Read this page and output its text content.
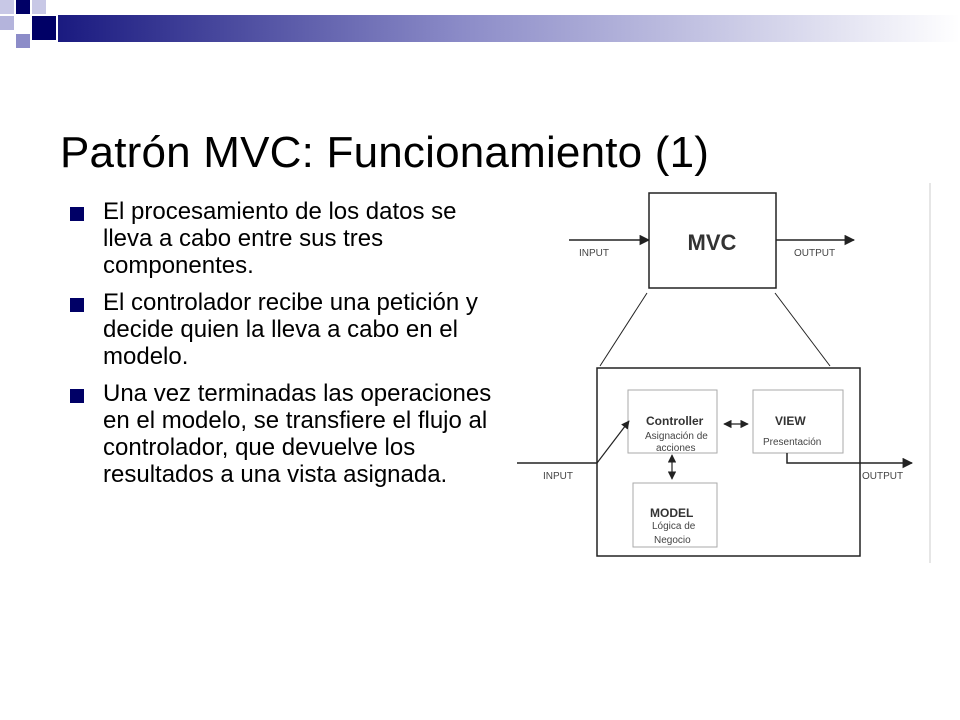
Patrón MVC: Funcionamiento (1)
El procesamiento de los datos se lleva a cabo entre sus tres componentes.
El controlador recibe una petición y decide quien la lleva a cabo en el modelo.
Una vez terminadas las operaciones en el modelo, se transfiere el flujo al controlador, que devuelve los resultados a una vista asignada.
INPUT	MVC	OUTPUT
Controller
Asignación de
acciones
VIEW
Presentación
MODEL
Lógica de
Negocio
INPUT	OUTPUT
